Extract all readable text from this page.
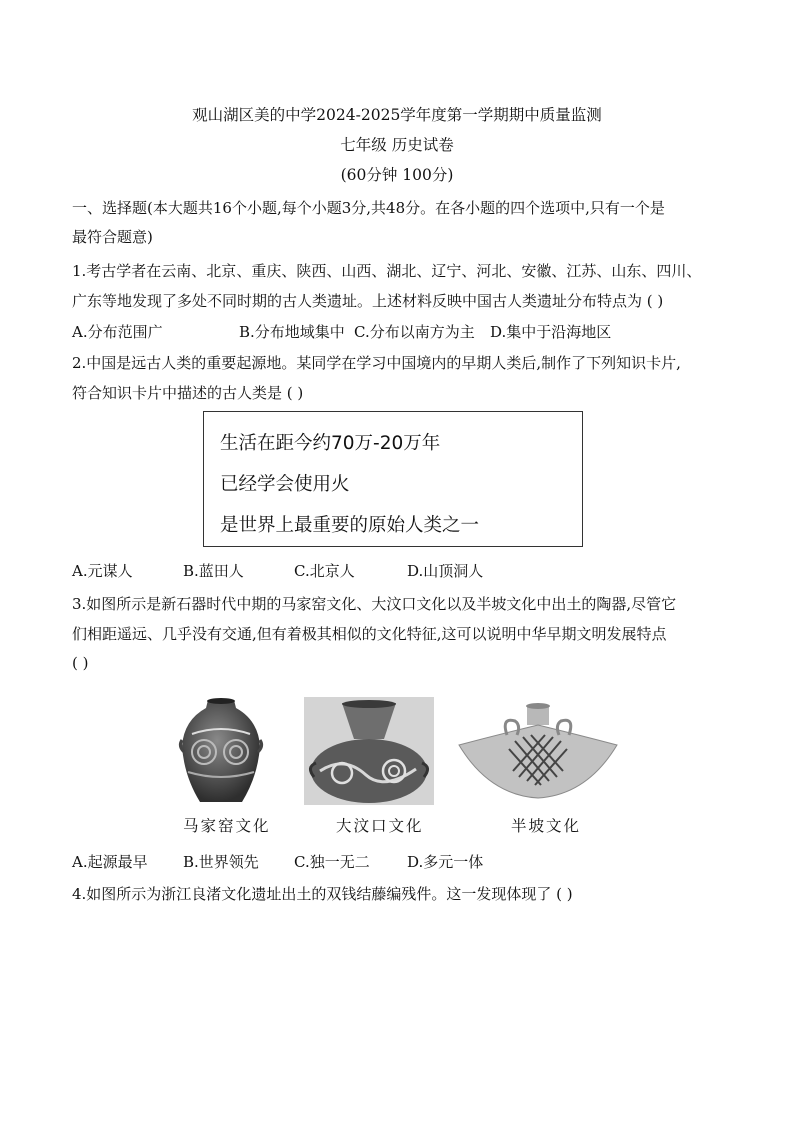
观山湖区美的中学2024-2025学年度第一学期期中质量监测
七年级 历史试卷
(60分钟 100分)
一、选择题(本大题共16个小题,每个小题3分,共48分。在各小题的四个选项中,只有一个是
最符合题意)
1.考古学者在云南、北京、重庆、陕西、山西、湖北、辽宁、河北、安徽、江苏、山东、四川、
广东等地发现了多处不同时期的古人类遗址。上述材料反映中国古人类遗址分布特点为 ( )
A.分布范围广	B.分布地域集中 C.分布以南方为主 D.集中于沿海地区
2.中国是远古人类的重要起源地。某同学在学习中国境内的早期人类后,制作了下列知识卡片,
符合知识卡片中描述的古人类是 ( )
生活在距今约70万-20万年
已经学会使用火
是世界上最重要的原始人类之一
A.元谋人	B.蓝田人	C.北京人	D.山顶洞人
3.如图所示是新石器时代中期的马家窑文化、大汶口文化以及半坡文化中出土的陶器,尽管它
们相距遥远、几乎没有交通,但有着极其相似的文化特征,这可以说明中华早期文明发展特点
( )
马家窑文化	大汶口文化	半坡文化
A.起源最早 B.世界领先 C.独一无二 D.多元一体
4.如图所示为浙江良渚文化遗址出土的双钱结藤编残件。这一发现体现了 ( )
